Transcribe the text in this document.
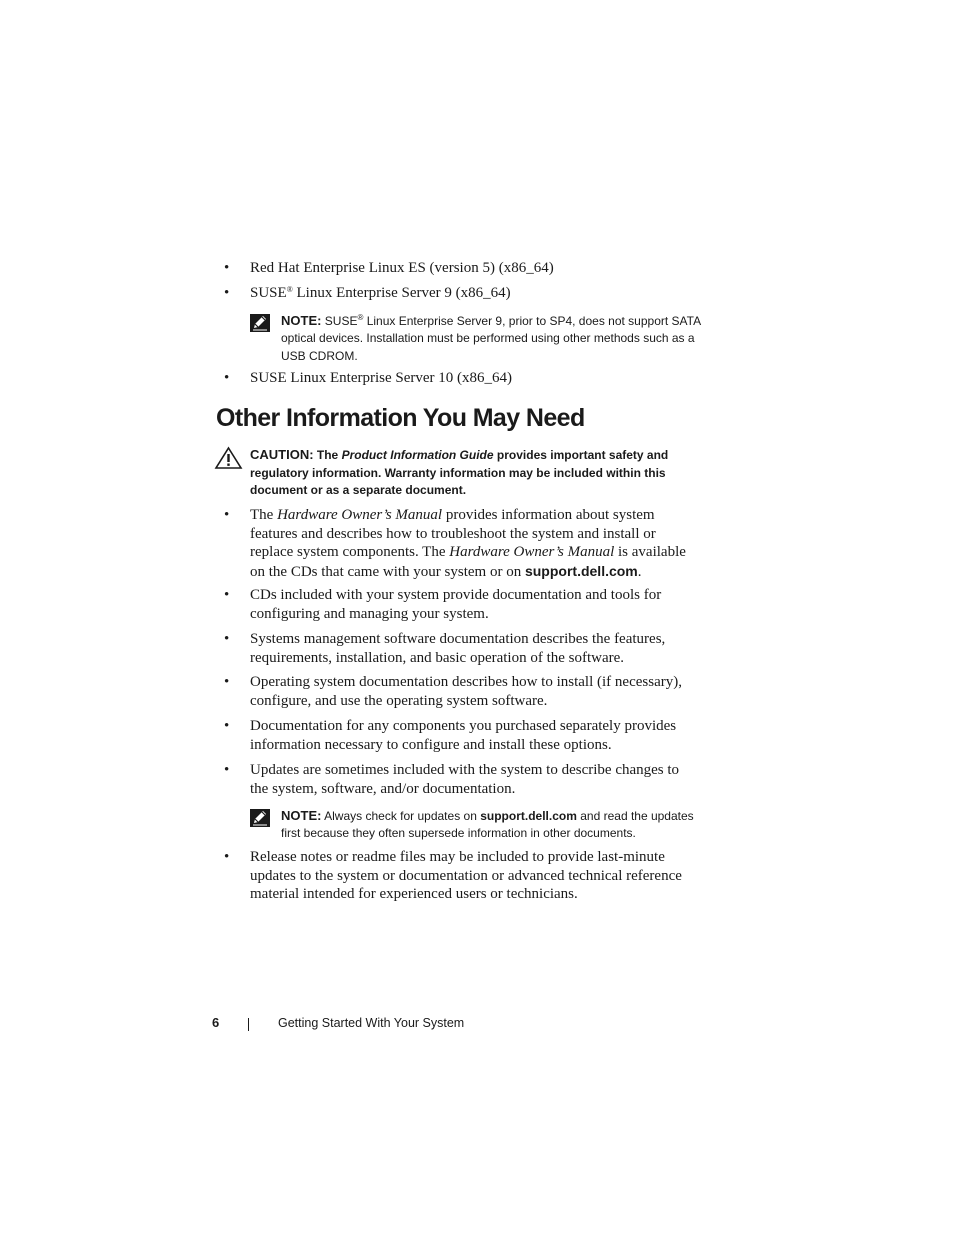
• Red Hat Enterprise Linux ES (version 5) (x86_64)
• SUSE® Linux Enterprise Server 9 (x86_64)
NOTE: SUSE® Linux Enterprise Server 9, prior to SP4, does not support SATA optical devices. Installation must be performed using other methods such as a USB CDROM.
• SUSE Linux Enterprise Server 10 (x86_64)
Other Information You May Need
CAUTION: The Product Information Guide provides important safety and regulatory information. Warranty information may be included within this document or as a separate document.
• The Hardware Owner’s Manual provides information about system features and describes how to troubleshoot the system and install or replace system components. The Hardware Owner’s Manual is available on the CDs that came with your system or on support.dell.com.
• CDs included with your system provide documentation and tools for configuring and managing your system.
• Systems management software documentation describes the features, requirements, installation, and basic operation of the software.
• Operating system documentation describes how to install (if necessary), configure, and use the operating system software.
• Documentation for any components you purchased separately provides information necessary to configure and install these options.
• Updates are sometimes included with the system to describe changes to the system, software, and/or documentation.
NOTE: Always check for updates on support.dell.com and read the updates first because they often supersede information in other documents.
• Release notes or readme files may be included to provide last-minute updates to the system or documentation or advanced technical reference material intended for experienced users or technicians.
6	Getting Started With Your System
